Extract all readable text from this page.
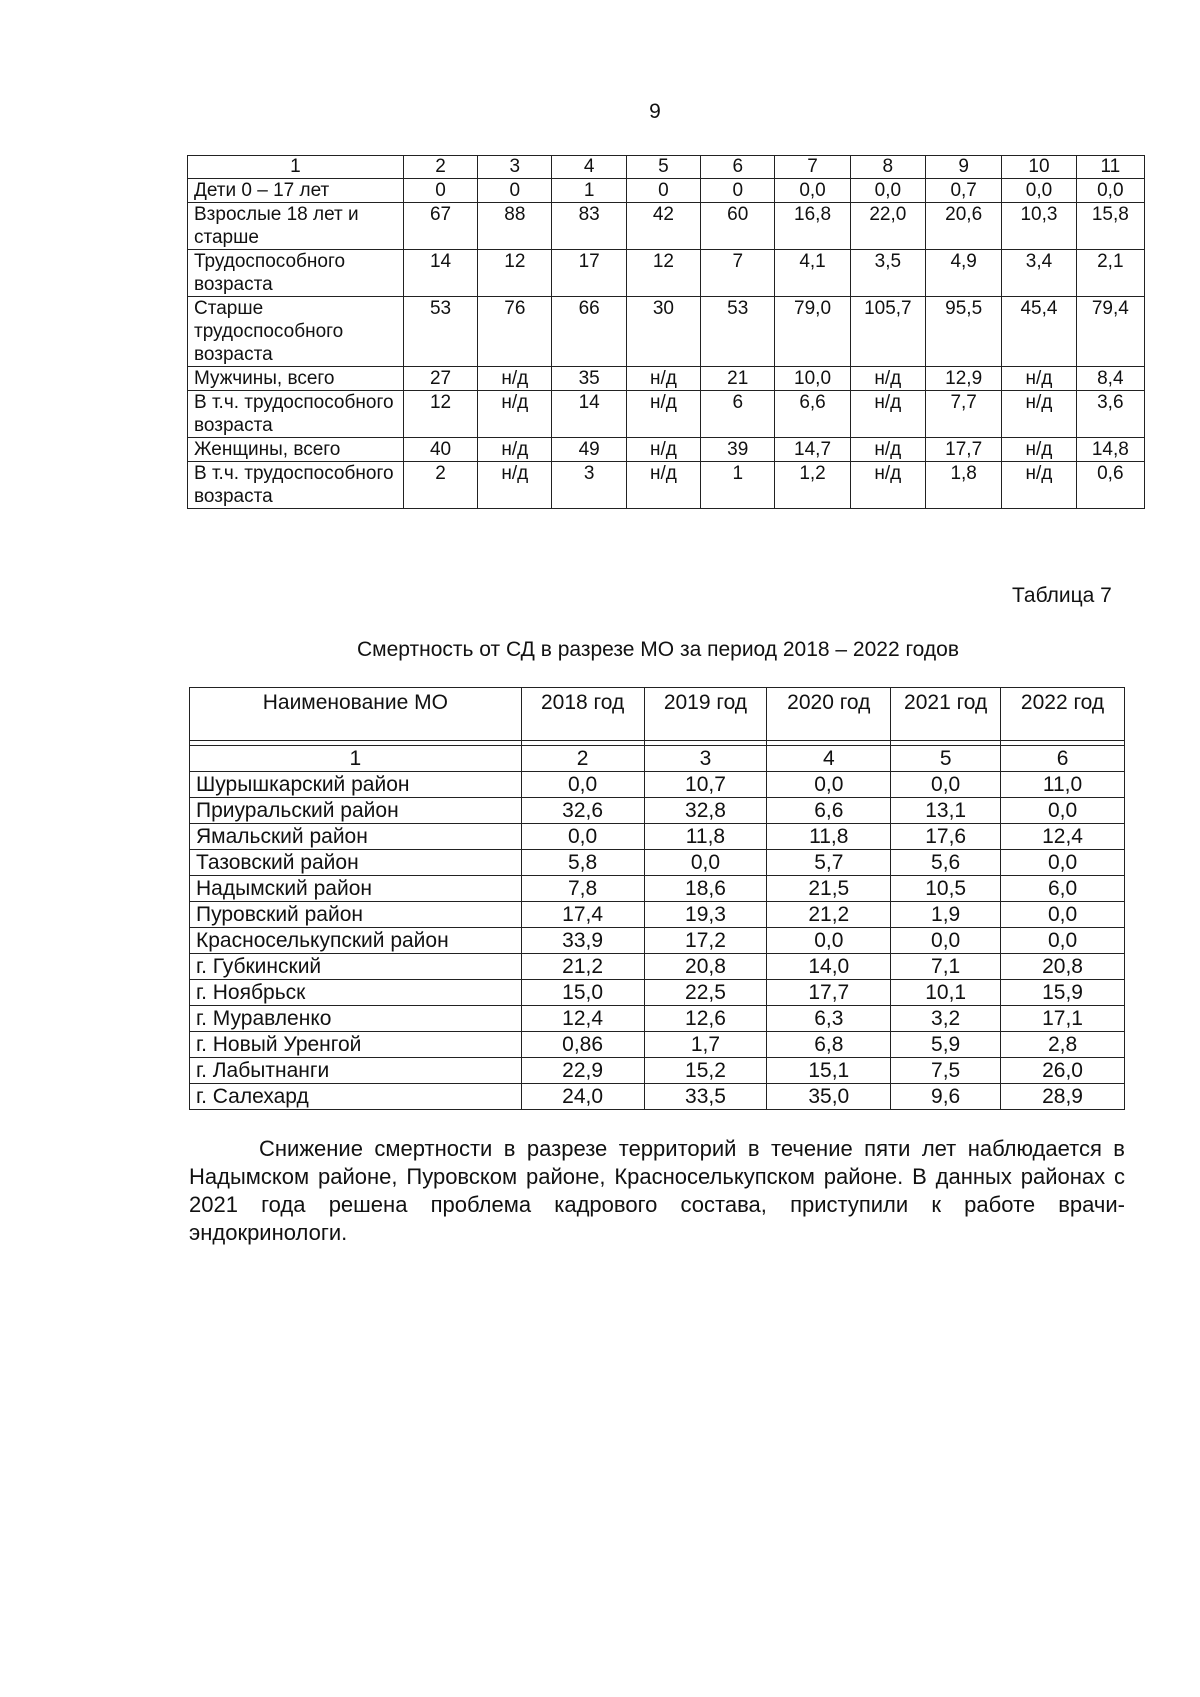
9
1	2	3	4	5	6	7	8	9	10	11
Дети 0 – 17 лет	0	0	1	0	0	0,0	0,0	0,7	0,0	0,0
Взрослые 18 лет и старше	67	88	83	42	60	16,8	22,0	20,6	10,3	15,8
Трудоспособного возраста	14	12	17	12	7	4,1	3,5	4,9	3,4	2,1
Старше трудоспособного возраста	53	76	66	30	53	79,0	105,7	95,5	45,4	79,4
Мужчины, всего	27	н/д	35	н/д	21	10,0	н/д	12,9	н/д	8,4
В т.ч. трудоспособного возраста	12	н/д	14	н/д	6	6,6	н/д	7,7	н/д	3,6
Женщины, всего	40	н/д	49	н/д	39	14,7	н/д	17,7	н/д	14,8
В т.ч. трудоспособного возраста	2	н/д	3	н/д	1	1,2	н/д	1,8	н/д	0,6
Таблица 7
Смертность от СД в разрезе МО за период 2018 – 2022 годов
Наименование МО	2018 год	2019 год	2020 год	2021 год	2022 год

1	2	3	4	5	6
Шурышкарский район	0,0	10,7	0,0	0,0	11,0
Приуральский район	32,6	32,8	6,6	13,1	0,0
Ямальский район	0,0	11,8	11,8	17,6	12,4
Тазовский район	5,8	0,0	5,7	5,6	0,0
Надымский район	7,8	18,6	21,5	10,5	6,0
Пуровский район	17,4	19,3	21,2	1,9	0,0
Красноселькупский район	33,9	17,2	0,0	0,0	0,0
г. Губкинский	21,2	20,8	14,0	7,1	20,8
г. Ноябрьск	15,0	22,5	17,7	10,1	15,9
г. Муравленко	12,4	12,6	6,3	3,2	17,1
г. Новый Уренгой	0,86	1,7	6,8	5,9	2,8
г. Лабытнанги	22,9	15,2	15,1	7,5	26,0
г. Салехард	24,0	33,5	35,0	9,6	28,9
Снижение смертности в разрезе территорий в течение пяти лет наблюдается в Надымском районе, Пуровском районе, Красноселькупском районе. В данных районах с 2021 года решена проблема кадрового состава, приступили к работе врачи-эндокринологи.
